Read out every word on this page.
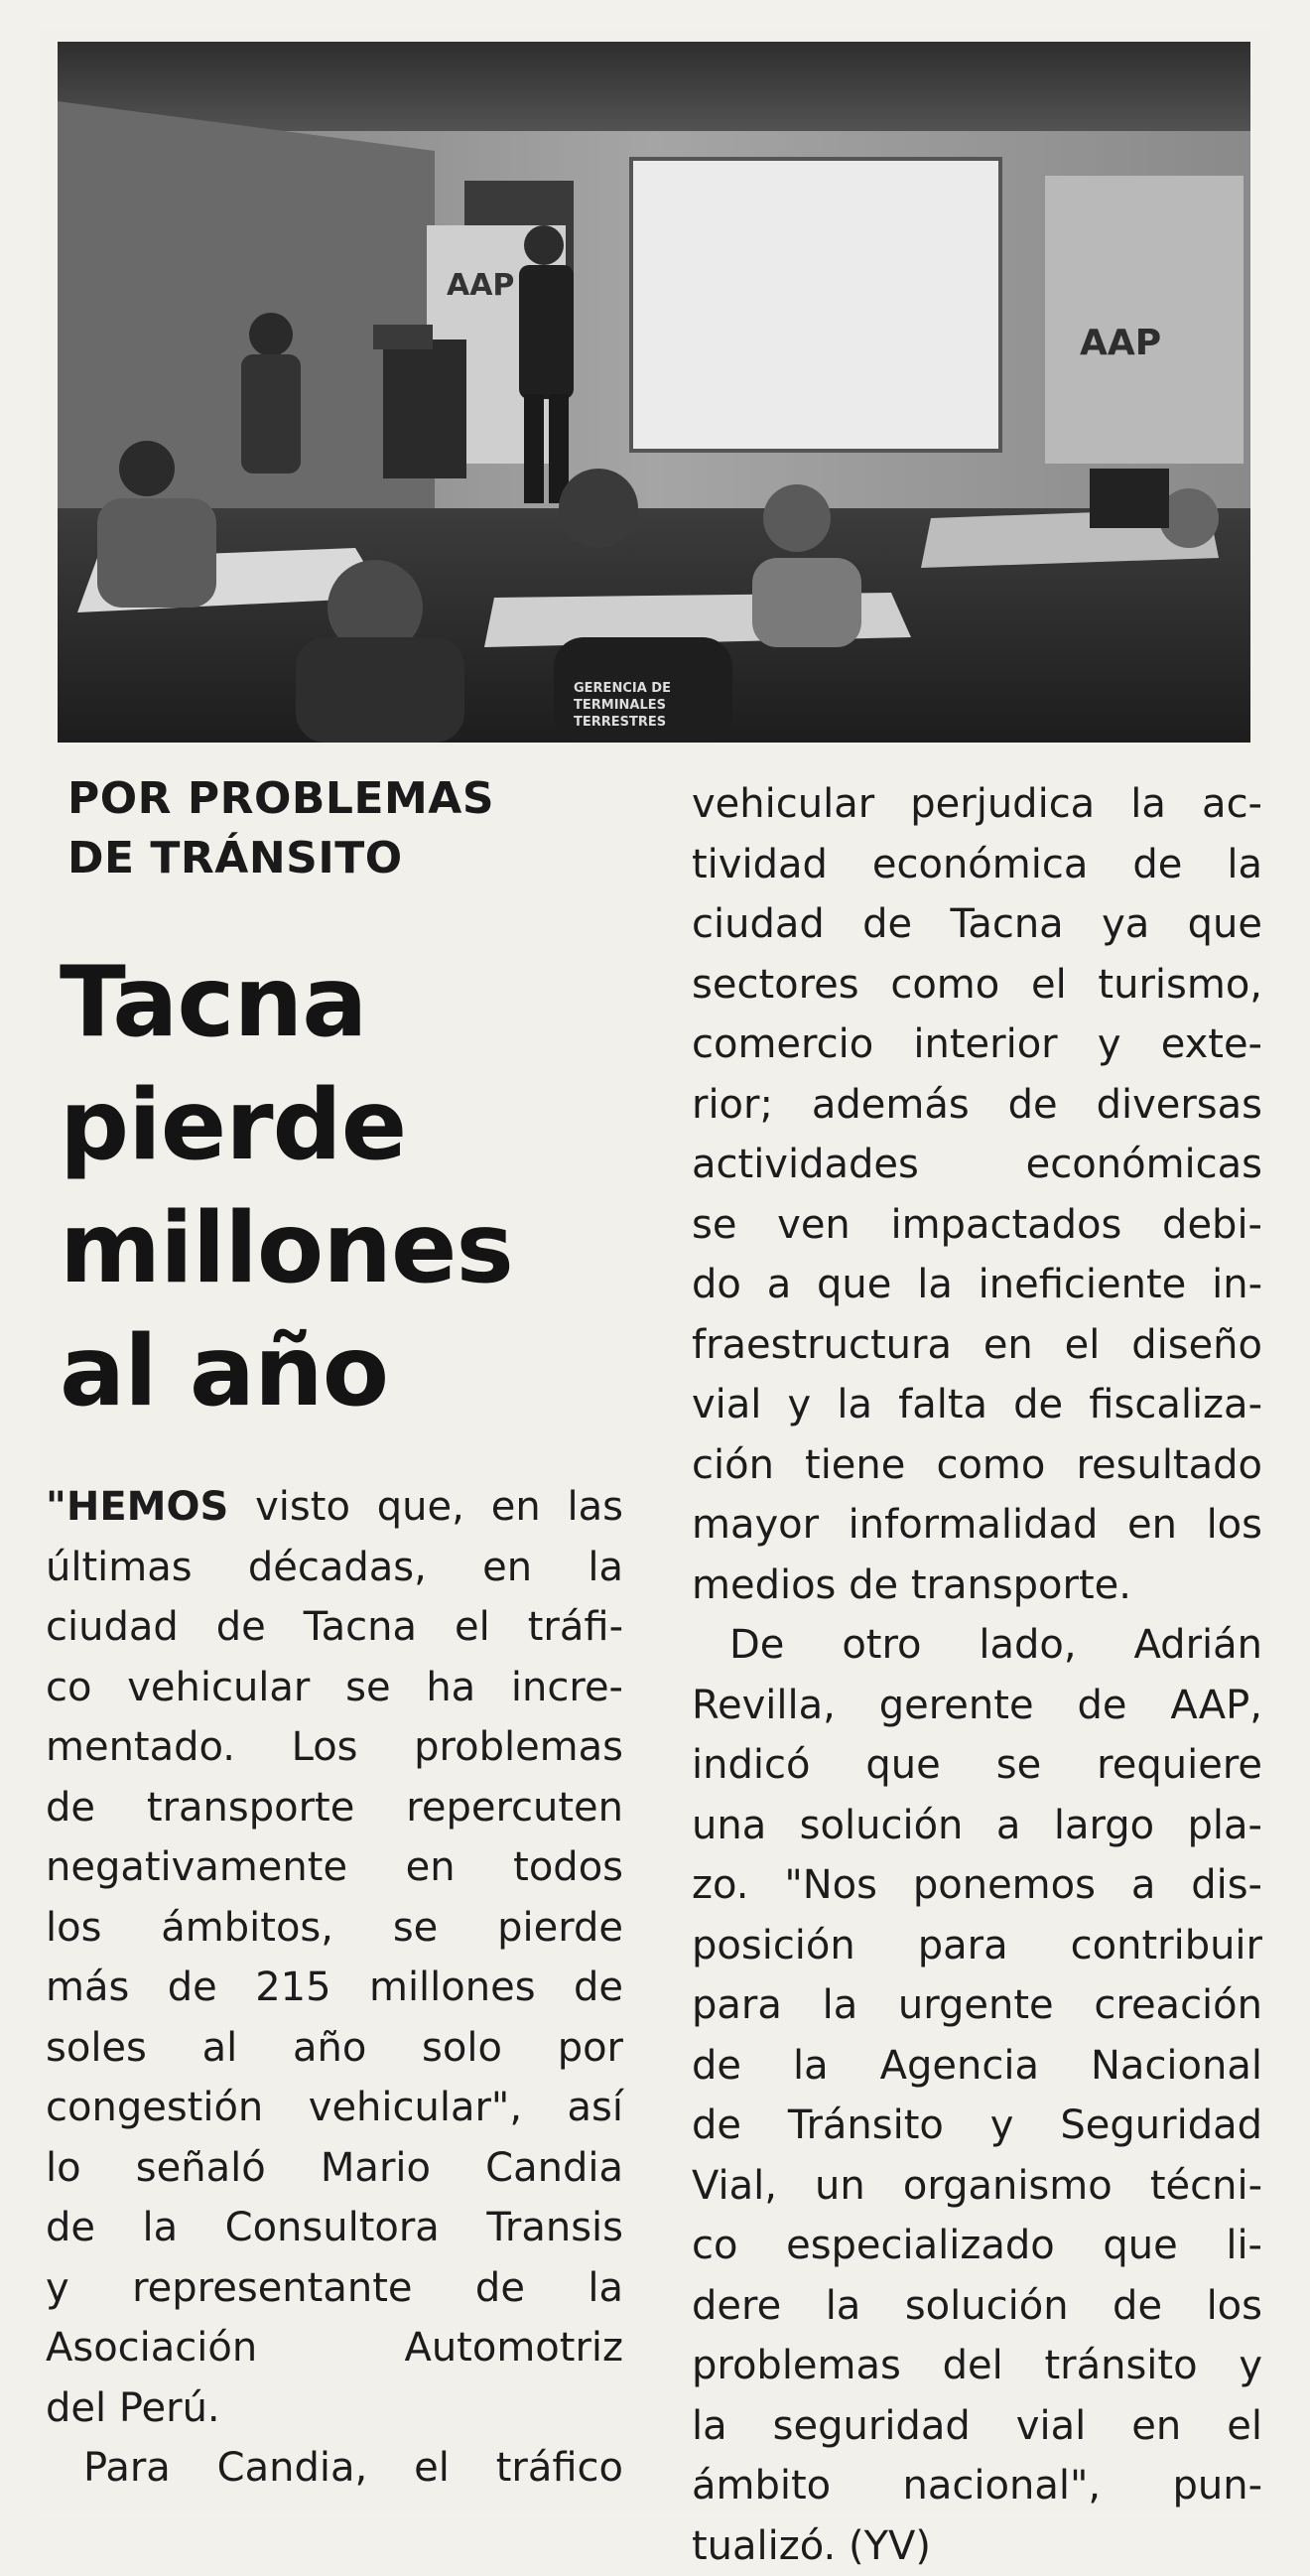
AAP
AAP
GERENCIA DE
TERMINALES
TERRESTRES
POR PROBLEMAS
DE TRÁNSITO
Tacna
pierde
millones
al año
"HEMOS visto que, en las
últimas décadas, en la
ciudad de Tacna el tráfi-
co vehicular se ha incre-
mentado. Los problemas
de transporte repercuten
negativamente en todos
los ámbitos, se pierde
más de 215 millones de
soles al año solo por
congestión vehicular", así
lo señaló Mario Candia
de la Consultora Transis
y representante de la
Asociación Automotriz
del Perú.
Para Candia, el tráfico
vehicular perjudica la ac-
tividad económica de la
ciudad de Tacna ya que
sectores como el turismo,
comercio interior y exte-
rior; además de diversas
actividades económicas
se ven impactados debi-
do a que la ineficiente in-
fraestructura en el diseño
vial y la falta de fiscaliza-
ción tiene como resultado
mayor informalidad en los
medios de transporte.
De otro lado, Adrián
Revilla, gerente de AAP,
indicó que se requiere
una solución a largo pla-
zo. "Nos ponemos a dis-
posición para contribuir
para la urgente creación
de la Agencia Nacional
de Tránsito y Seguridad
Vial, un organismo técni-
co especializado que li-
dere la solución de los
problemas del tránsito y
la seguridad vial en el
ámbito nacional", pun-
tualizó. (YV)
